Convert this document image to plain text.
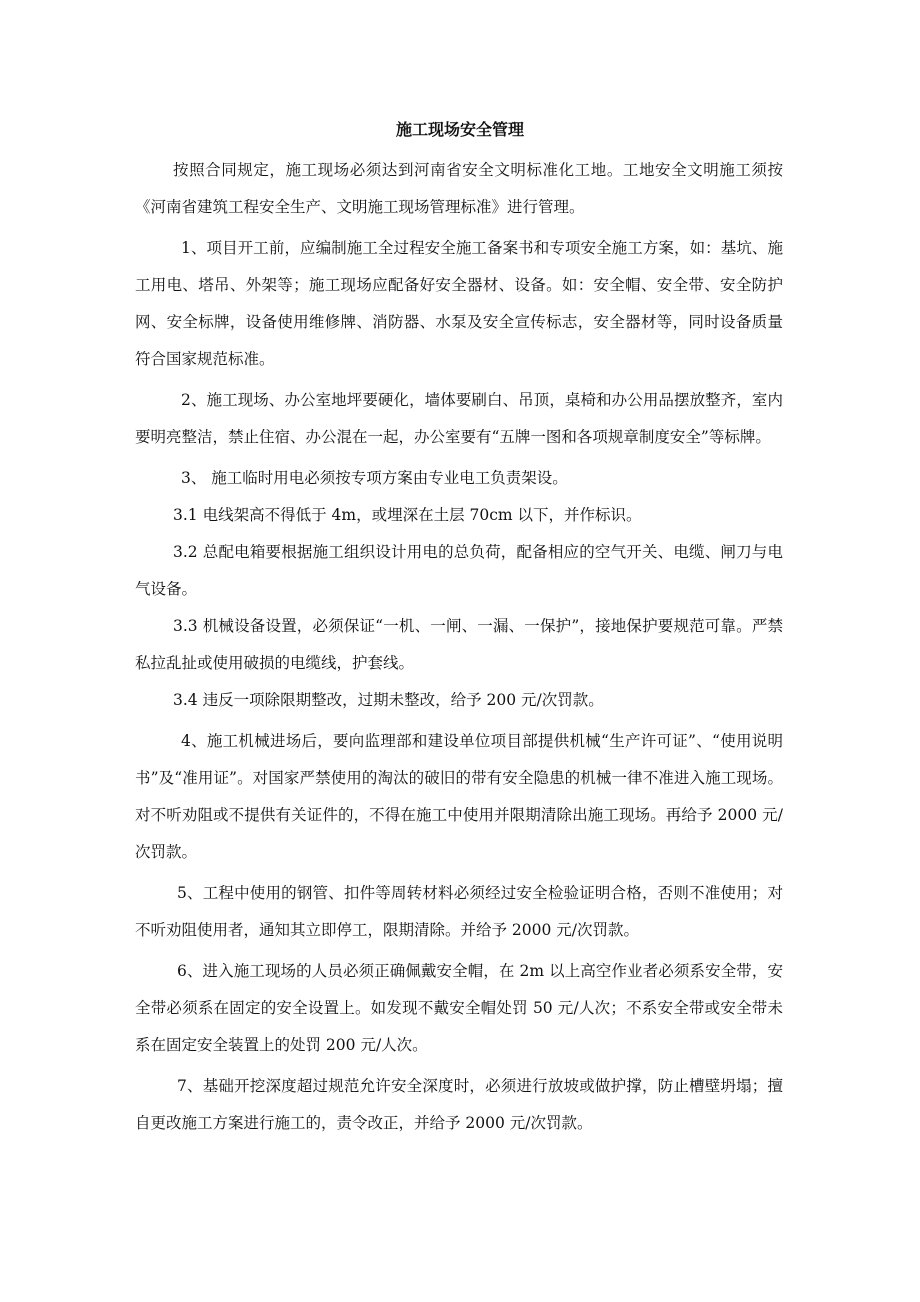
施工现场安全管理

按照合同规定，施工现场必须达到河南省安全文明标准化工地。工地安全文明施工须按《河南省建筑工程安全生产、文明施工现场管理标准》进行管理。

1、项目开工前，应编制施工全过程安全施工备案书和专项安全施工方案，如：基坑、施工用电、塔吊、外架等；施工现场应配备好安全器材、设备。如：安全帽、安全带、安全防护网、安全标牌，设备使用维修牌、消防器、水泵及安全宣传标志，安全器材等，同时设备质量符合国家规范标准。

2、施工现场、办公室地坪要硬化，墙体要刷白、吊顶，桌椅和办公用品摆放整齐，室内要明亮整洁，禁止住宿、办公混在一起，办公室要有“五牌一图和各项规章制度安全”等标牌。

3、 施工临时用电必须按专项方案由专业电工负责架设。

3.1 电线架高不得低于 4m，或埋深在土层 70cm 以下，并作标识。

3.2 总配电箱要根据施工组织设计用电的总负荷，配备相应的空气开关、电缆、闸刀与电气设备。

3.3 机械设备设置，必须保证“一机、一闸、一漏、一保护”，接地保护要规范可靠。严禁私拉乱扯或使用破损的电缆线，护套线。

3.4 违反一项除限期整改，过期未整改，给予 200 元/次罚款。

4、施工机械进场后，要向监理部和建设单位项目部提供机械“生产许可证”、“使用说明书”及“准用证”。对国家严禁使用的淘汰的破旧的带有安全隐患的机械一律不准进入施工现场。对不听劝阻或不提供有关证件的，不得在施工中使用并限期清除出施工现场。再给予 2000 元/次罚款。

5、工程中使用的钢管、扣件等周转材料必须经过安全检验证明合格，否则不准使用；对不听劝阻使用者，通知其立即停工，限期清除。并给予 2000 元/次罚款。

6、进入施工现场的人员必须正确佩戴安全帽，在 2m 以上高空作业者必须系安全带，安全带必须系在固定的安全设置上。如发现不戴安全帽处罚 50 元/人次；不系安全带或安全带未系在固定安全装置上的处罚 200 元/人次。

7、基础开挖深度超过规范允许安全深度时，必须进行放坡或做护撑，防止槽壁坍塌；擅自更改施工方案进行施工的，责令改正，并给予 2000 元/次罚款。
